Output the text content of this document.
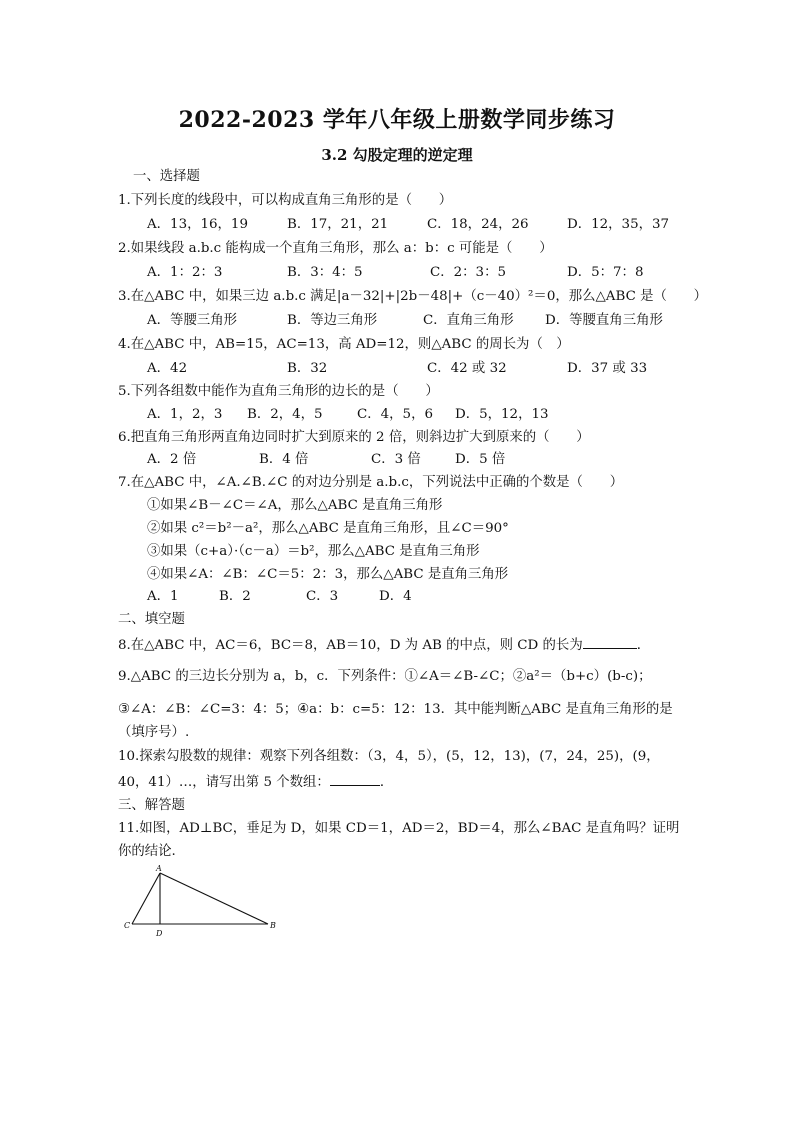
2022-2023 学年八年级上册数学同步练习
3.2 勾股定理的逆定理
一、选择题
1.下列长度的线段中，可以构成直角三角形的是（　　）
A．13，16，19	B．17，21，21	C．18，24，26	D．12，35，37
2.如果线段 a.b.c 能构成一个直角三角形，那么 a：b：c 可能是（　　）
A．1：2：3	B．3：4：5	C．2：3：5	D．5：7：8
3.在△ABC 中，如果三边 a.b.c 满足|a－32|+|2b－48|+（c－40）²＝0，那么△ABC 是（　　）
A．等腰三角形	B．等边三角形	C．直角三角形 D．等腰直角三角形
4.在△ABC 中，AB=15，AC=13，高 AD=12，则△ABC 的周长为（　）
A．42	B．32	C．42 或 32	D．37 或 33
5.下列各组数中能作为直角三角形的边长的是（　　）
A．1，2，3 B．2，4，5	C．4，5，6 D．5，12，13
6.把直角三角形两直角边同时扩大到原来的 2 倍，则斜边扩大到原来的（　　）
A．2 倍	B．4 倍	C．3 倍	D．5 倍
7.在△ABC 中，∠A.∠B.∠C 的对边分别是 a.b.c，下列说法中正确的个数是（　　）
①如果∠B－∠C＝∠A，那么△ABC 是直角三角形
②如果 c²＝b²－a²，那么△ABC 是直角三角形，且∠C＝90°
③如果（c+a）·（c－a）＝b²，那么△ABC 是直角三角形
④如果∠A：∠B：∠C＝5：2：3，那么△ABC 是直角三角形
A．1	B．2	C．3	D．4
二、填空题
8.在△ABC 中，AC＝6，BC＝8，AB＝10，D 为 AB 的中点，则 CD 的长为	．
9.△ABC 的三边长分别为 a，b，c．下列条件：①∠A＝∠B-∠C；②a²＝（b+c）(b-c)；
③∠A：∠B：∠C=3：4：5；④a：b：c=5：12：13．其中能判断△ABC 是直角三角形的是
（填序号）.
10.探索勾股数的规律：观察下列各组数：（3，4，5），(5，12，13)，(7，24，25)，(9，
40，41）…，请写出第 5 个数组：	．
三、解答题
11.如图，AD⊥BC，垂足为 D，如果 CD＝1，AD＝2，BD＝4，那么∠BAC 是直角吗？证明
你的结论.
A
C
D
B
